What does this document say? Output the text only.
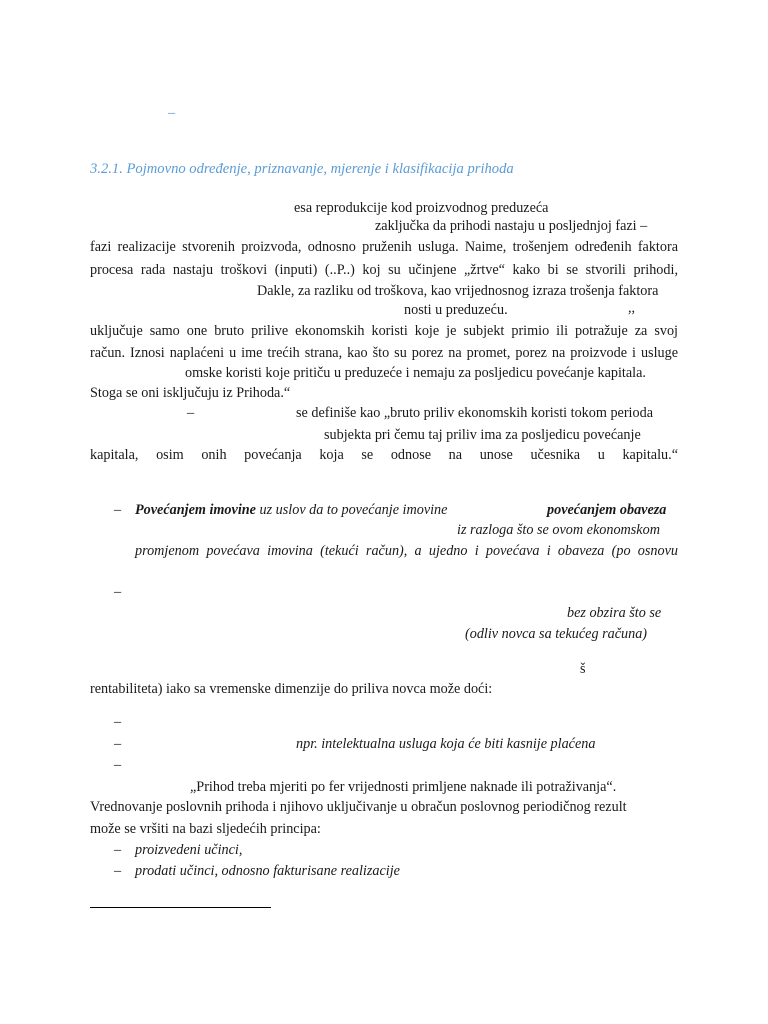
–
3.2.1. Pojmovno određenje, priznavanje, mjerenje i klasifikacija prihoda
esa reprodukcije kod proizvodnog preduzeća
zaključka da prihodi nastaju u posljednjoj fazi –
fazi realizacije stvorenih proizvoda, odnosno pruženih usluga. Naime, trošenjem određenih faktora
procesa rada nastaju troškovi (inputi) (..P..) koj su učinjene „žrtve“ kako bi se stvorili prihodi,
Dakle, za razliku od troškova, kao vrijednosnog izraza trošenja faktora
nosti u preduzeću.	,,
uključuje samo one bruto prilive ekonomskih koristi koje je subjekt primio ili potražuje za svoj
račun. Iznosi naplaćeni u ime trećih strana, kao što su porez na promet, porez na proizvode i usluge
omske koristi koje pritiču u preduzeće i nemaju za posljedicu povećanje kapitala.
Stoga se oni isključuju iz Prihoda.“
–	se definiše kao „bruto priliv ekonomskih koristi tokom perioda
subjekta pri čemu taj priliv ima za posljedicu povećanje
kapitala, osim onih povećanja koja se odnose na unose učesnika u kapitalu.“
– Povećanjem imovine uz uslov da to povećanje imovine	povećanjem obaveza
iz razloga što se ovom ekonomskom
promjenom povećava imovina (tekući račun), a ujedno i povećava i obaveza (po osnovu
–
bez obzira što se
(odliv novca sa tekućeg računa)
š
rentabiliteta) iako sa vremenske dimenzije do priliva novca može doći:
–
–	npr. intelektualna usluga koja će biti kasnije plaćena
–
„Prihod treba mjeriti po fer vrijednosti primljene naknade ili potraživanja“.
Vrednovanje poslovnih prihoda i njihovo uključivanje u obračun poslovnog periodičnog rezult
može se vršiti na bazi sljedećih principa:
– proizvedeni učinci,
– prodati učinci, odnosno fakturisane realizacije
